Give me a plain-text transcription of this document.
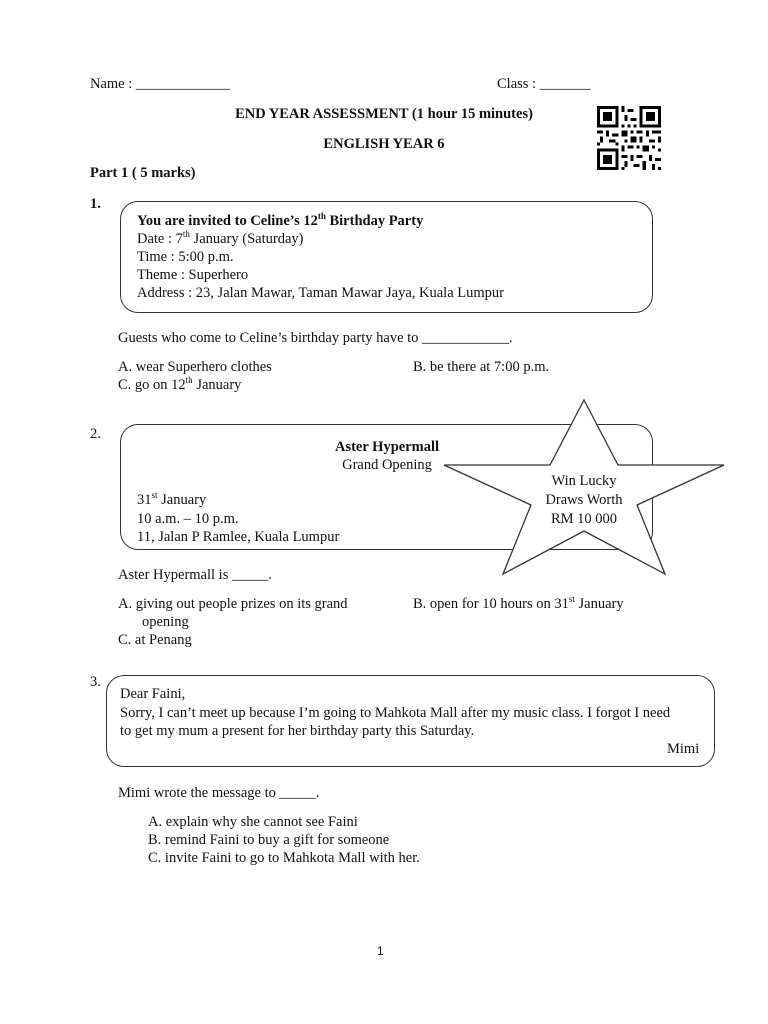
Name : _____________	Class : _______
END YEAR ASSESSMENT (1 hour 15 minutes)
ENGLISH YEAR 6
Part 1 ( 5 marks)
1.
You are invited to Celine’s 12th Birthday Party
Date : 7th January (Saturday)
Time : 5:00 p.m.
Theme : Superhero
Address : 23, Jalan Mawar, Taman Mawar Jaya, Kuala Lumpur
Guests who come to Celine’s birthday party have to ____________.
A. wear Superhero clothes	B. be there at 7:00 p.m.
C. go on 12th January
2.
Aster Hypermall
Grand Opening
31st January
10 a.m. – 10 p.m.
11, Jalan P Ramlee, Kuala Lumpur
Win Lucky
Draws Worth
RM 10 000
Aster Hypermall is _____.
A. giving out people prizes on its grand
opening
B. open for 10 hours on 31st January
C. at Penang
3.
Dear Faini,
Sorry, I can’t meet up because I’m going to Mahkota Mall after my music class. I forgot I need
to get my mum a present for her birthday party this Saturday.
Mimi
Mimi wrote the message to _____.
A. explain why she cannot see Faini
B. remind Faini to buy a gift for someone
C. invite Faini to go to Mahkota Mall with her.
1
